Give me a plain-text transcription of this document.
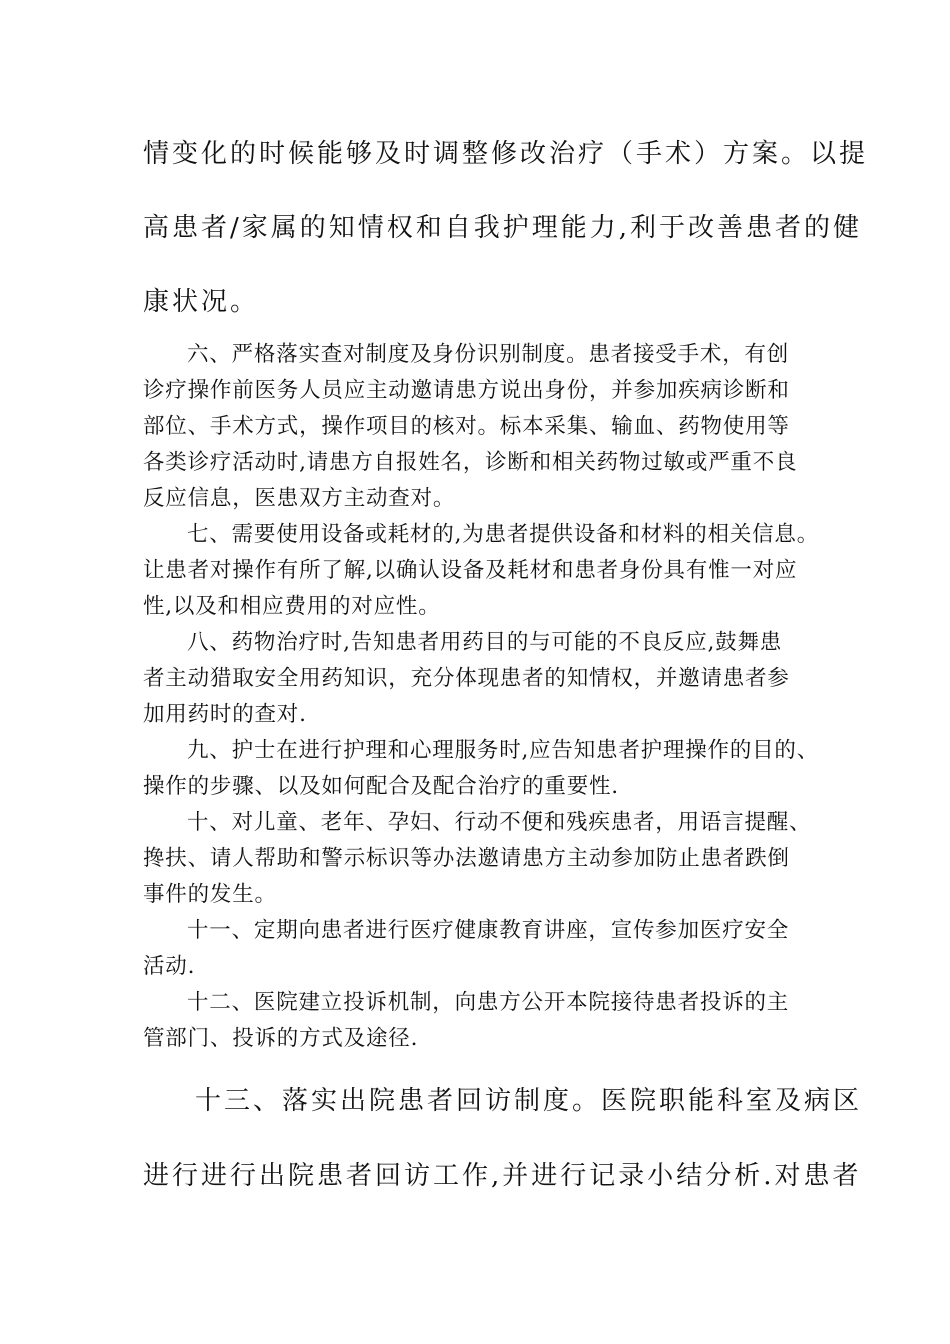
情变化的时候能够及时调整修改治疗（手术）方案。以提

高患者/家属的知情权和自我护理能力,利于改善患者的健

康状况。

六、严格落实查对制度及身份识别制度。患者接受手术，有创

诊疗操作前医务人员应主动邀请患方说出身份，并参加疾病诊断和

部位、手术方式，操作项目的核对。标本采集、输血、药物使用等

各类诊疗活动时,请患方自报姓名，诊断和相关药物过敏或严重不良

反应信息，医患双方主动查对。

七、需要使用设备或耗材的,为患者提供设备和材料的相关信息。

让患者对操作有所了解,以确认设备及耗材和患者身份具有惟一对应

性,以及和相应费用的对应性。

八、药物治疗时,告知患者用药目的与可能的不良反应,鼓舞患

者主动猎取安全用药知识，充分体现患者的知情权，并邀请患者参

加用药时的查对.

九、护士在进行护理和心理服务时,应告知患者护理操作的目的、

操作的步骤、以及如何配合及配合治疗的重要性.

十、对儿童、老年、孕妇、行动不便和残疾患者，用语言提醒、

搀扶、请人帮助和警示标识等办法邀请患方主动参加防止患者跌倒

事件的发生。

十一、定期向患者进行医疗健康教育讲座，宣传参加医疗安全

活动.

十二、医院建立投诉机制，向患方公开本院接待患者投诉的主

管部门、投诉的方式及途径.

十三、落实出院患者回访制度。医院职能科室及病区

进行进行出院患者回访工作,并进行记录小结分析.对患者
